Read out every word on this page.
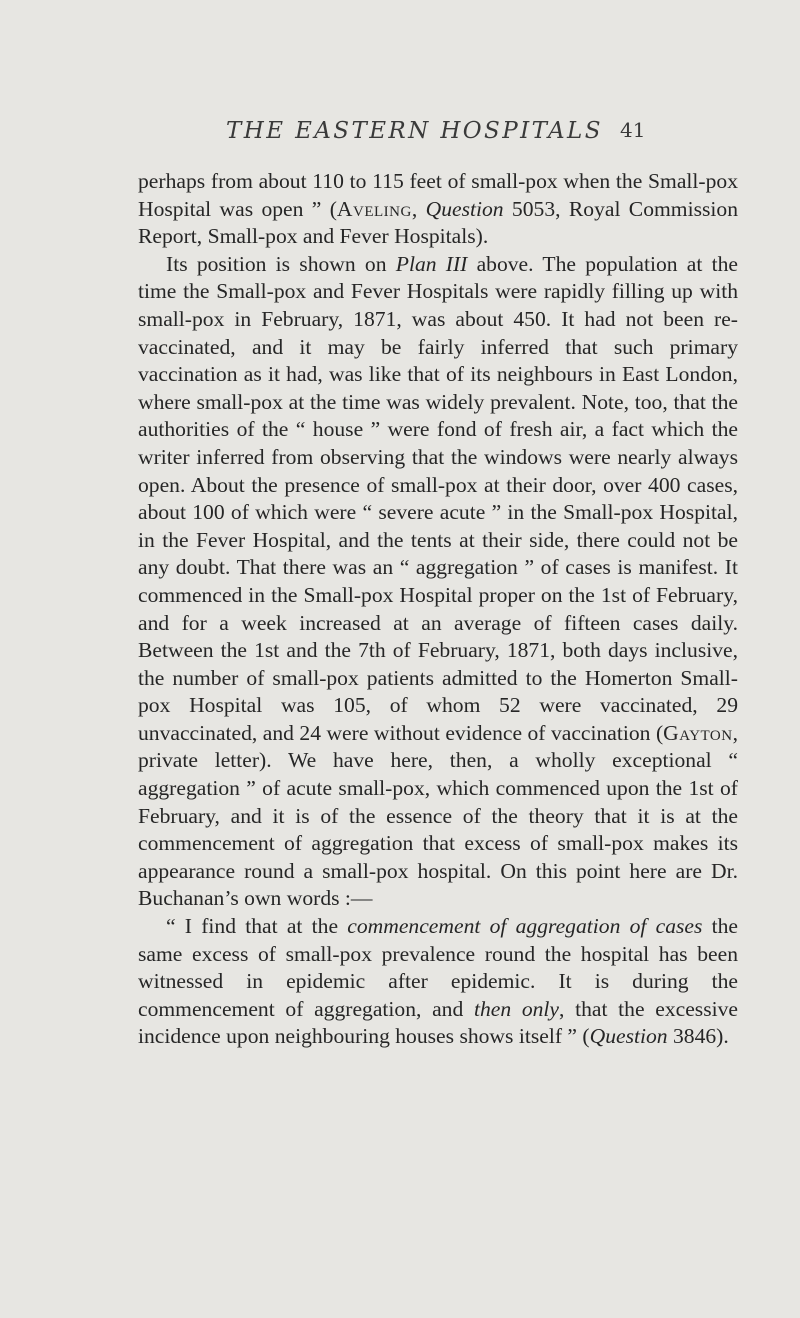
THE EASTERN HOSPITALS 41

perhaps from about 110 to 115 feet of small-pox when the Small-pox Hospital was open ” (Aveling, Question 5053, Royal Commission Report, Small-pox and Fever Hospitals).

Its position is shown on Plan III above. The population at the time the Small-pox and Fever Hospitals were rapidly filling up with small-pox in February, 1871, was about 450. It had not been re-vaccinated, and it may be fairly inferred that such primary vaccination as it had, was like that of its neighbours in East London, where small-pox at the time was widely prevalent. Note, too, that the authorities of the “ house ” were fond of fresh air, a fact which the writer inferred from observing that the windows were nearly always open. About the presence of small-pox at their door, over 400 cases, about 100 of which were “ severe acute ” in the Small-pox Hospital, in the Fever Hospital, and the tents at their side, there could not be any doubt. That there was an “ aggregation ” of cases is manifest. It commenced in the Small-pox Hospital proper on the 1st of February, and for a week increased at an average of fifteen cases daily. Between the 1st and the 7th of February, 1871, both days inclusive, the number of small-pox patients admitted to the Homerton Small-pox Hospital was 105, of whom 52 were vaccinated, 29 unvaccinated, and 24 were without evidence of vaccination (Gayton, private letter). We have here, then, a wholly exceptional “ aggregation ” of acute small-pox, which commenced upon the 1st of February, and it is of the essence of the theory that it is at the commencement of aggregation that excess of small-pox makes its appearance round a small-pox hospital. On this point here are Dr. Buchanan’s own words :—

“ I find that at the commencement of aggregation of cases the same excess of small-pox prevalence round the hospital has been witnessed in epidemic after epidemic. It is during the commencement of aggregation, and then only, that the excessive incidence upon neighbouring houses shows itself ” (Question 3846).
